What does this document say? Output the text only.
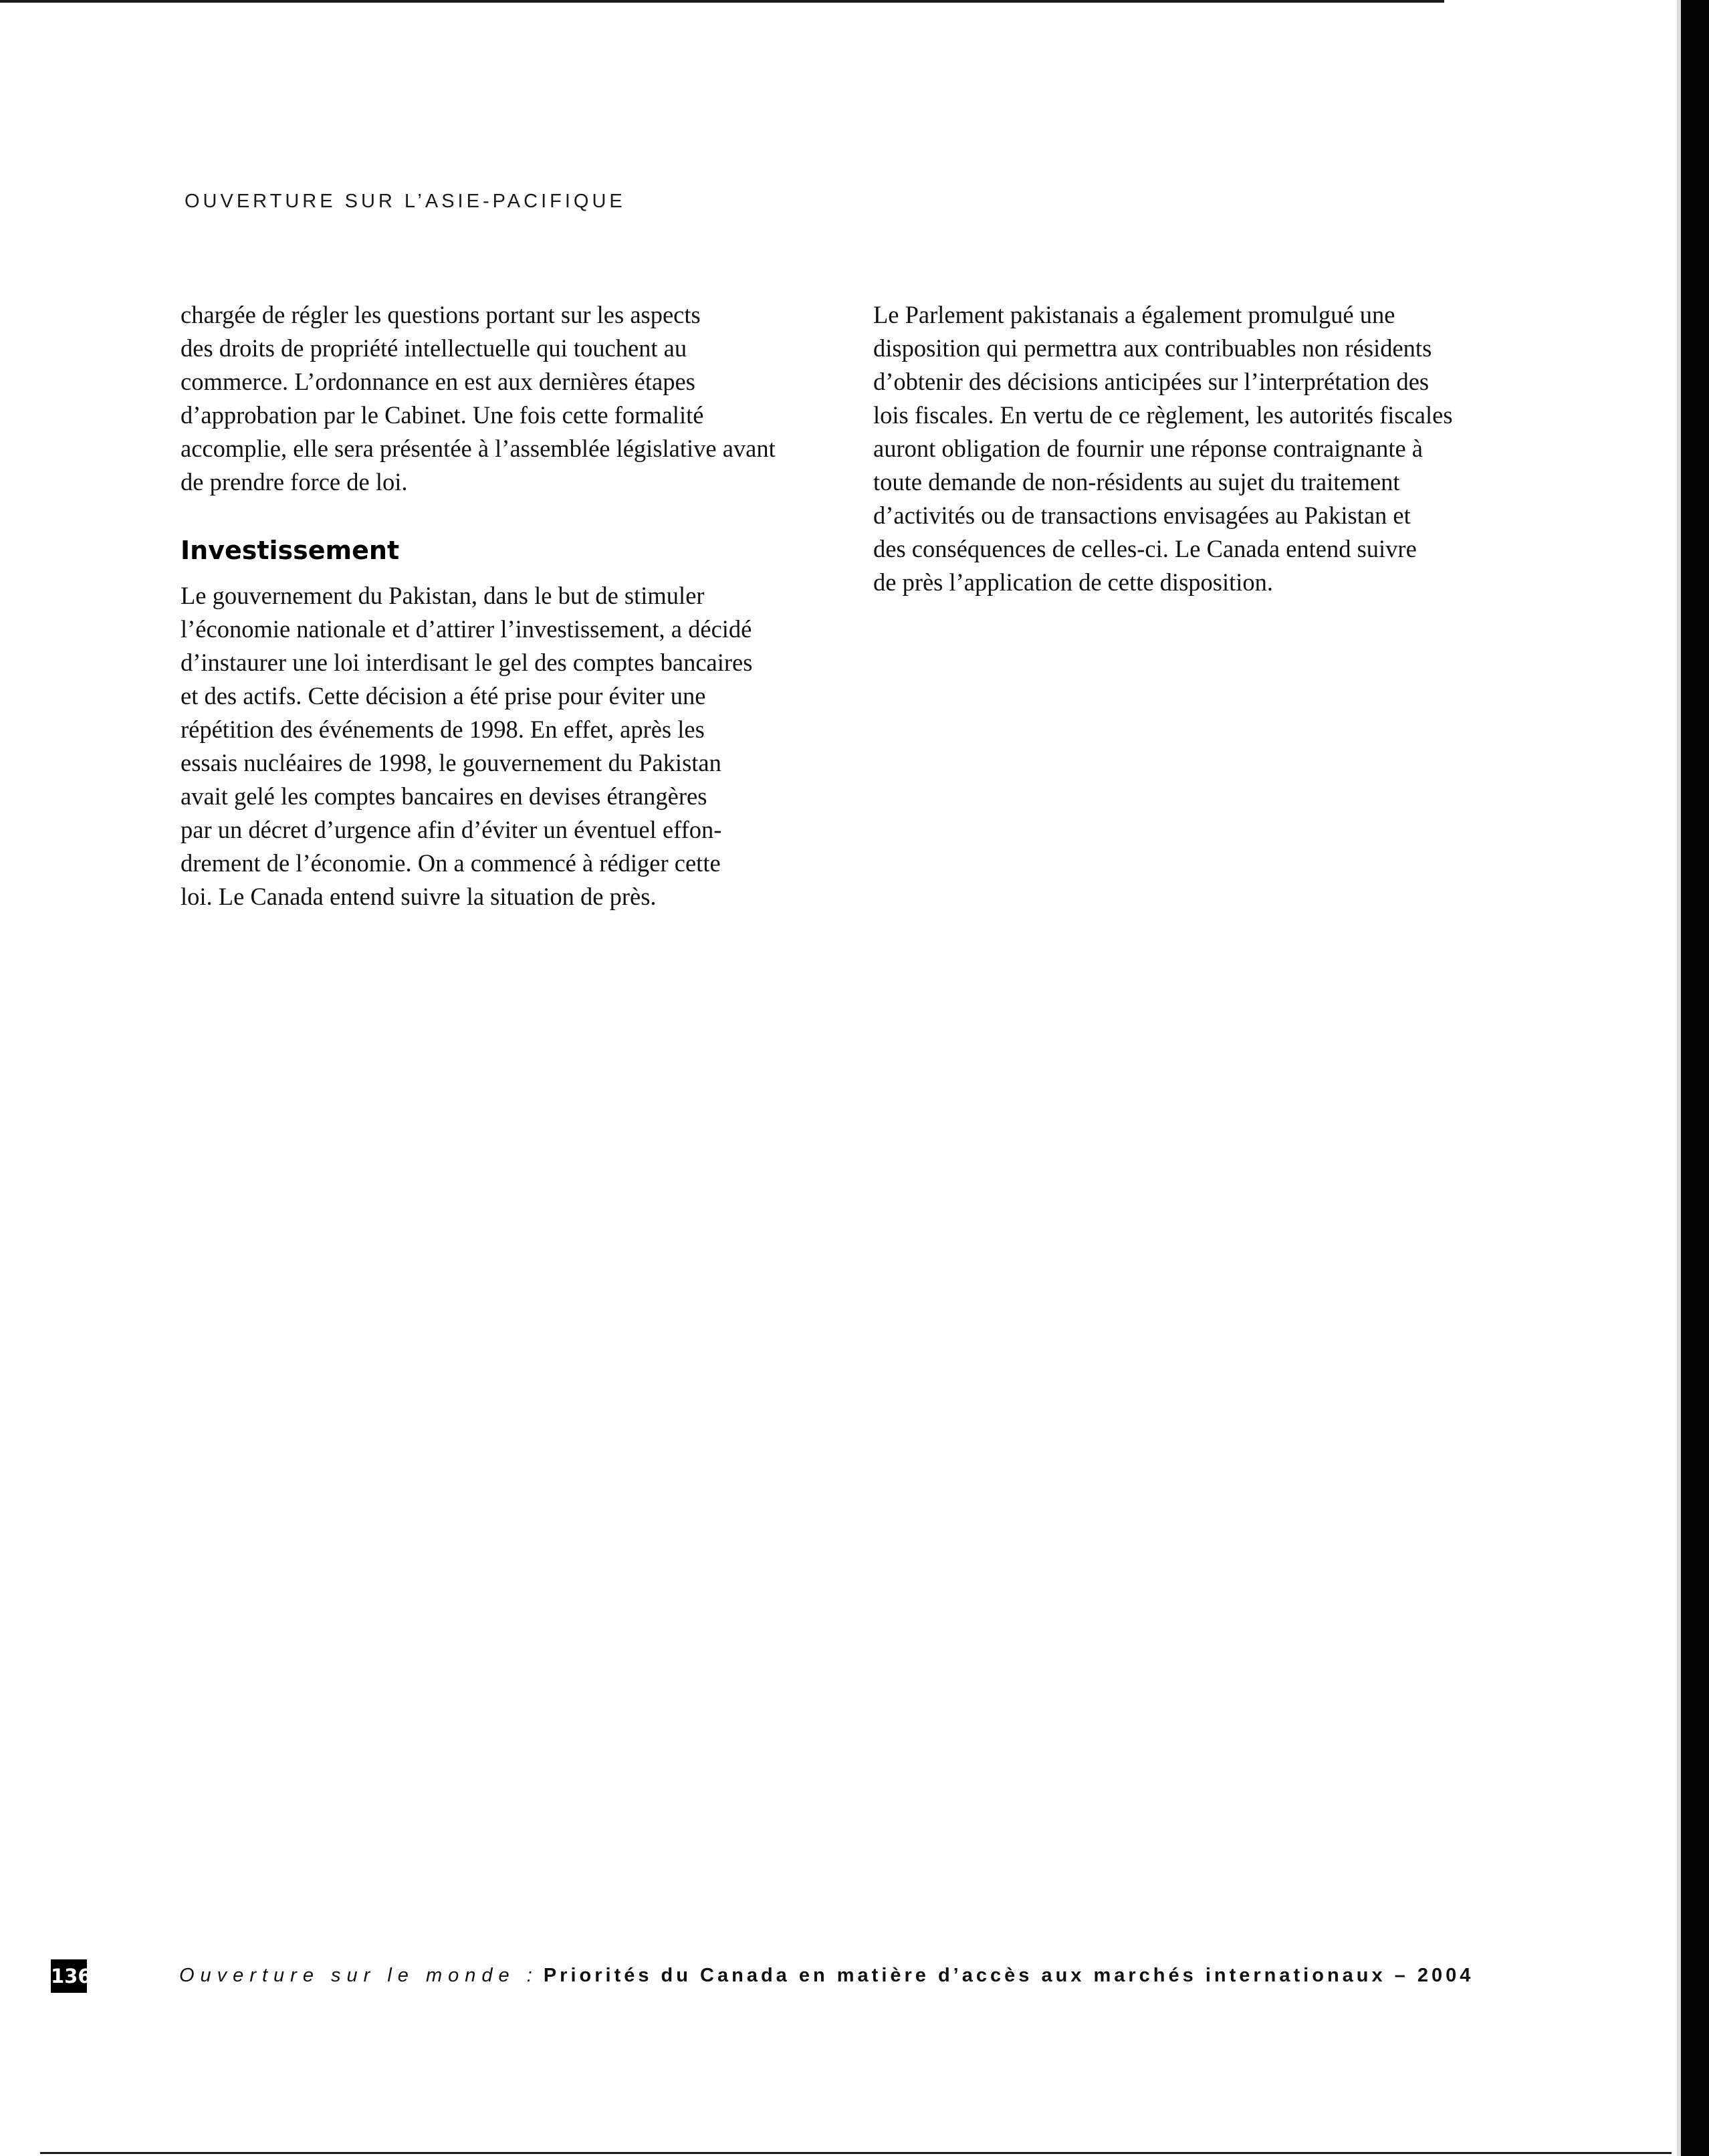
OUVERTURE SUR L’ASIE-PACIFIQUE

chargée de régler les questions portant sur les aspects
des droits de propriété intellectuelle qui touchent au
commerce. L’ordonnance en est aux dernières étapes
d’approbation par le Cabinet. Une fois cette formalité
accomplie, elle sera présentée à l’assemblée législative avant
de prendre force de loi.

Investissement

Le gouvernement du Pakistan, dans le but de stimuler
l’économie nationale et d’attirer l’investissement, a décidé
d’instaurer une loi interdisant le gel des comptes bancaires
et des actifs. Cette décision a été prise pour éviter une
répétition des événements de 1998. En effet, après les
essais nucléaires de 1998, le gouvernement du Pakistan
avait gelé les comptes bancaires en devises étrangères
par un décret d’urgence afin d’éviter un éventuel effon-
drement de l’économie. On a commencé à rédiger cette
loi. Le Canada entend suivre la situation de près.

Le Parlement pakistanais a également promulgué une
disposition qui permettra aux contribuables non résidents
d’obtenir des décisions anticipées sur l’interprétation des
lois fiscales. En vertu de ce règlement, les autorités fiscales
auront obligation de fournir une réponse contraignante à
toute demande de non-résidents au sujet du traitement
d’activités ou de transactions envisagées au Pakistan et
des conséquences de celles-ci. Le Canada entend suivre
de près l’application de cette disposition.

136	Ouverture sur le monde : Priorités du Canada en matière d’accès aux marchés internationaux – 2004
